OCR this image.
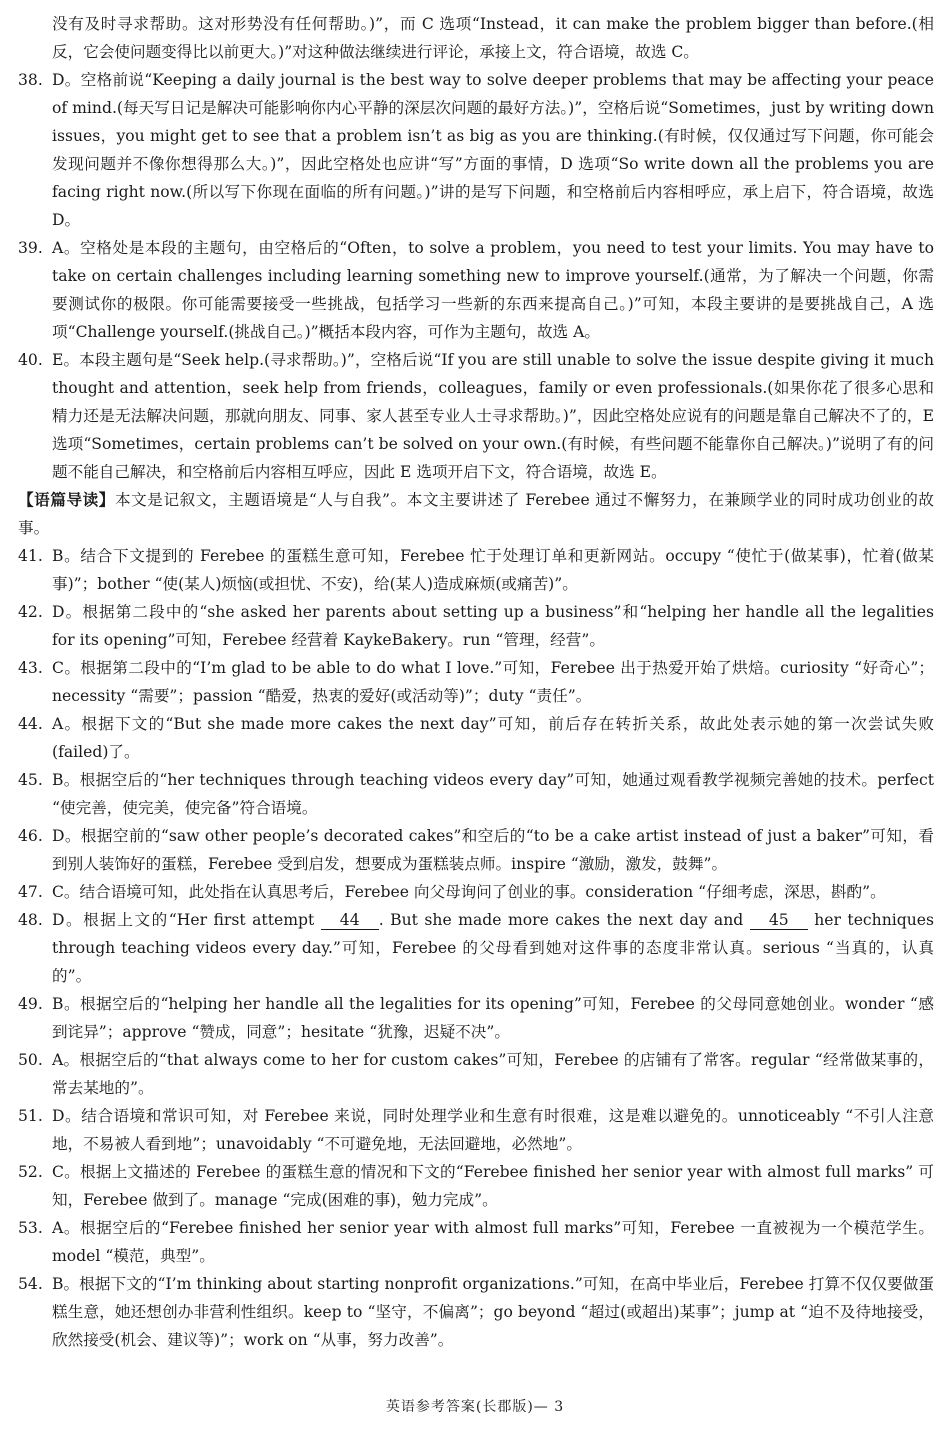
没有及时寻求帮助。这对形势没有任何帮助。)”，而 C 选项“Instead，it can make the problem bigger than before.(相反，它会使问题变得比以前更大。)”对这种做法继续进行评论，承接上文，符合语境，故选 C。

38. D。空格前说“Keeping a daily journal is the best way to solve deeper problems that may be affecting your peace of mind.(每天写日记是解决可能影响你内心平静的深层次问题的最好方法。)”，空格后说“Sometimes，just by writing down issues，you might get to see that a problem isn’t as big as you are thinking.(有时候，仅仅通过写下问题，你可能会发现问题并不像你想得那么大。)”，因此空格处也应讲“写”方面的事情，D 选项“So write down all the problems you are facing right now.(所以写下你现在面临的所有问题。)”讲的是写下问题，和空格前后内容相呼应，承上启下，符合语境，故选 D。
39. A。空格处是本段的主题句，由空格后的“Often，to solve a problem，you need to test your limits. You may have to take on certain challenges including learning something new to improve yourself.(通常，为了解决一个问题，你需要测试你的极限。你可能需要接受一些挑战，包括学习一些新的东西来提高自己。)”可知，本段主要讲的是要挑战自己，A 选项“Challenge yourself.(挑战自己。)”概括本段内容，可作为主题句，故选 A。
40. E。本段主题句是“Seek help.(寻求帮助。)”，空格后说“If you are still unable to solve the issue despite giving it much thought and attention，seek help from friends，colleagues，family or even professionals.(如果你花了很多心思和精力还是无法解决问题，那就向朋友、同事、家人甚至专业人士寻求帮助。)”，因此空格处应说有的问题是靠自己解决不了的，E 选项“Sometimes，certain problems can’t be solved on your own.(有时候，有些问题不能靠你自己解决。)”说明了有的问题不能自己解决，和空格前后内容相互呼应，因此 E 选项开启下文，符合语境，故选 E。

【语篇导读】本文是记叙文，主题语境是“人与自我”。本文主要讲述了 Ferebee 通过不懈努力，在兼顾学业的同时成功创业的故事。

41. B。结合下文提到的 Ferebee 的蛋糕生意可知，Ferebee 忙于处理订单和更新网站。occupy “使忙于(做某事)，忙着(做某事)”；bother “使(某人)烦恼(或担忧、不安)，给(某人)造成麻烦(或痛苦)”。
42. D。根据第二段中的“she asked her parents about setting up a business”和“helping her handle all the legalities for its opening”可知，Ferebee 经营着 KaykeBakery。run “管理，经营”。
43. C。根据第二段中的“I’m glad to be able to do what I love.”可知，Ferebee 出于热爱开始了烘焙。curiosity “好奇心”；necessity “需要”；passion “酷爱，热衷的爱好(或活动等)”；duty “责任”。
44. A。根据下文的“But she made more cakes the next day”可知，前后存在转折关系，故此处表示她的第一次尝试失败(failed)了。
45. B。根据空后的“her techniques through teaching videos every day”可知，她通过观看教学视频完善她的技术。perfect “使完善，使完美，使完备”符合语境。
46. D。根据空前的“saw other people’s decorated cakes”和空后的“to be a cake artist instead of just a baker”可知，看到别人装饰好的蛋糕，Ferebee 受到启发，想要成为蛋糕装点师。inspire “激励，激发，鼓舞”。
47. C。结合语境可知，此处指在认真思考后，Ferebee 向父母询问了创业的事。consideration “仔细考虑，深思，斟酌”。
48. D。根据上文的“Her first attempt 44 . But she made more cakes the next day and 45 her techniques through teaching videos every day.”可知，Ferebee 的父母看到她对这件事的态度非常认真。serious “当真的，认真的”。
49. B。根据空后的“helping her handle all the legalities for its opening”可知，Ferebee 的父母同意她创业。wonder “感到诧异”；approve “赞成，同意”；hesitate “犹豫，迟疑不决”。
50. A。根据空后的“that always come to her for custom cakes”可知，Ferebee 的店铺有了常客。regular “经常做某事的，常去某地的”。
51. D。结合语境和常识可知，对 Ferebee 来说，同时处理学业和生意有时很难，这是难以避免的。unnoticeably “不引人注意地，不易被人看到地”；unavoidably “不可避免地，无法回避地，必然地”。
52. C。根据上文描述的 Ferebee 的蛋糕生意的情况和下文的“Ferebee finished her senior year with almost full marks” 可知，Ferebee 做到了。manage “完成(困难的事)，勉力完成”。
53. A。根据空后的“Ferebee finished her senior year with almost full marks”可知，Ferebee 一直被视为一个模范学生。model “模范，典型”。
54. B。根据下文的“I’m thinking about starting nonprofit organizations.”可知，在高中毕业后，Ferebee 打算不仅仅要做蛋糕生意，她还想创办非营利性组织。keep to “坚守，不偏离”；go beyond “超过(或超出)某事”；jump at “迫不及待地接受，欣然接受(机会、建议等)”；work on “从事，努力改善”。
英语参考答案(长郡版)— 3
